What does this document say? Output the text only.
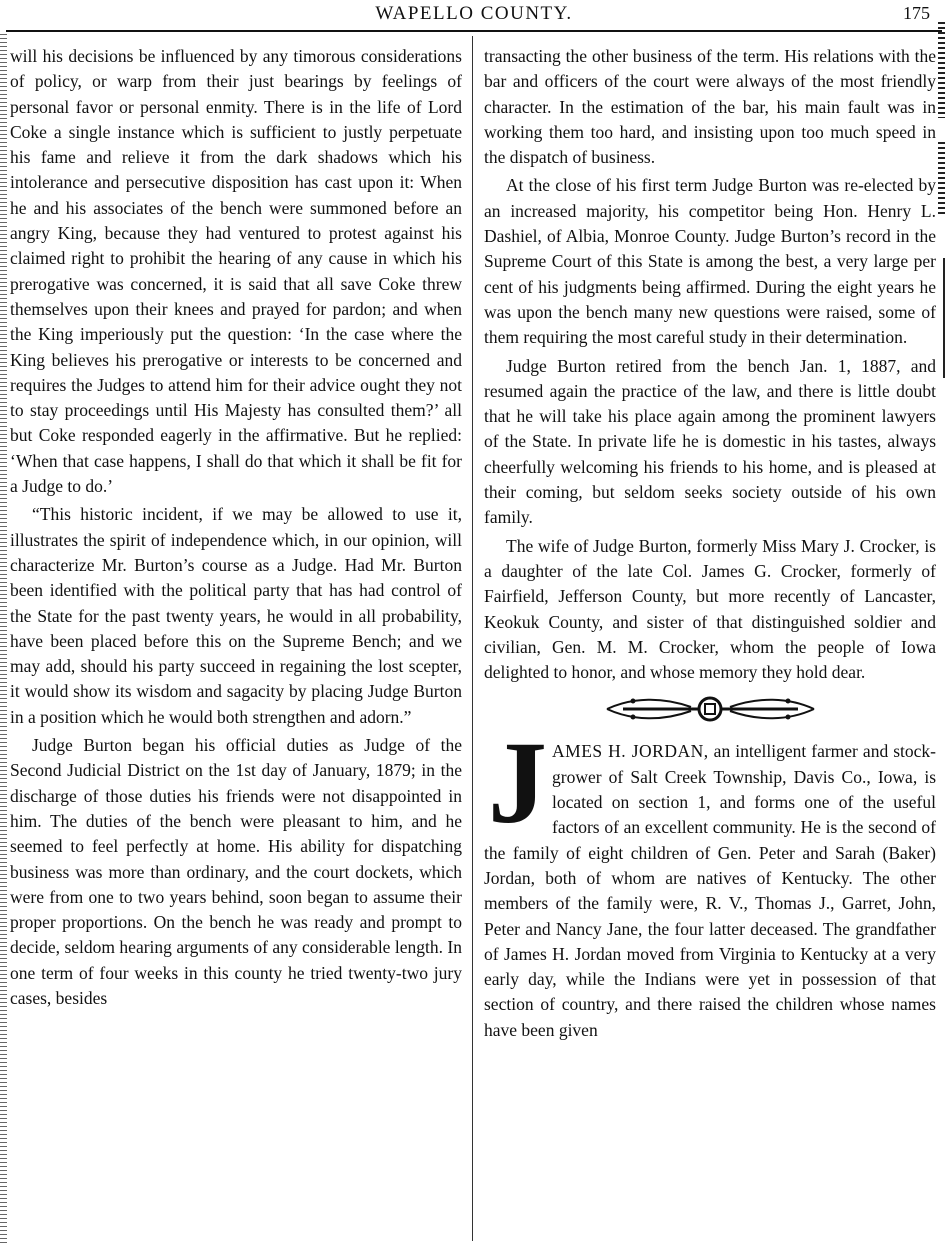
WAPELLO COUNTY.	175

will his decisions be influenced by any timorous considerations of policy, or warp from their just bearings by feelings of personal favor or personal enmity. There is in the life of Lord Coke a single instance which is sufficient to justly perpetuate his fame and relieve it from the dark shadows which his intolerance and persecutive disposition has cast upon it: When he and his associates of the bench were summoned before an angry King, because they had ventured to protest against his claimed right to prohibit the hearing of any cause in which his prerogative was concerned, it is said that all save Coke threw themselves upon their knees and prayed for pardon; and when the King imperiously put the question: ‘In the case where the King believes his prerogative or interests to be concerned and requires the Judges to attend him for their advice ought they not to stay proceedings until His Majesty has consulted them?’ all but Coke responded eagerly in the affirmative. But he replied: ‘When that case happens, I shall do that which it shall be fit for a Judge to do.’

“This historic incident, if we may be allowed to use it, illustrates the spirit of independence which, in our opinion, will characterize Mr. Burton’s course as a Judge. Had Mr. Burton been identified with the political party that has had control of the State for the past twenty years, he would in all probability, have been placed before this on the Supreme Bench; and we may add, should his party succeed in regaining the lost scepter, it would show its wisdom and sagacity by placing Judge Burton in a position which he would both strengthen and adorn.”

Judge Burton began his official duties as Judge of the Second Judicial District on the 1st day of January, 1879; in the discharge of those duties his friends were not disappointed in him. The duties of the bench were pleasant to him, and he seemed to feel perfectly at home. His ability for dispatching business was more than ordinary, and the court dockets, which were from one to two years behind, soon began to assume their proper proportions. On the bench he was ready and prompt to decide, seldom hearing arguments of any considerable length. In one term of four weeks in this county he tried twenty-two jury cases, besides

transacting the other business of the term. His relations with the bar and officers of the court were always of the most friendly character. In the estimation of the bar, his main fault was in working them too hard, and insisting upon too much speed in the dispatch of business.

At the close of his first term Judge Burton was re-elected by an increased majority, his competitor being Hon. Henry L. Dashiel, of Albia, Monroe County. Judge Burton’s record in the Supreme Court of this State is among the best, a very large per cent of his judgments being affirmed. During the eight years he was upon the bench many new questions were raised, some of them requiring the most careful study in their determination.

Judge Burton retired from the bench Jan. 1, 1887, and resumed again the practice of the law, and there is little doubt that he will take his place again among the prominent lawyers of the State. In private life he is domestic in his tastes, always cheerfully welcoming his friends to his home, and is pleased at their coming, but seldom seeks society outside of his own family.

The wife of Judge Burton, formerly Miss Mary J. Crocker, is a daughter of the late Col. James G. Crocker, formerly of Fairfield, Jefferson County, but more recently of Lancaster, Keokuk County, and sister of that distinguished soldier and civilian, Gen. M. M. Crocker, whom the people of Iowa delighted to honor, and whose memory they hold dear.

J AMES H. JORDAN, an intelligent farmer and stock-grower of Salt Creek Township, Davis Co., Iowa, is located on section 1, and forms one of the useful factors of an excellent community. He is the second of the family of eight children of Gen. Peter and Sarah (Baker) Jordan, both of whom are natives of Kentucky. The other members of the family were, R. V., Thomas J., Garret, John, Peter and Nancy Jane, the four latter deceased. The grandfather of James H. Jordan moved from Virginia to Kentucky at a very early day, while the Indians were yet in possession of that section of country, and there raised the children whose names have been given
